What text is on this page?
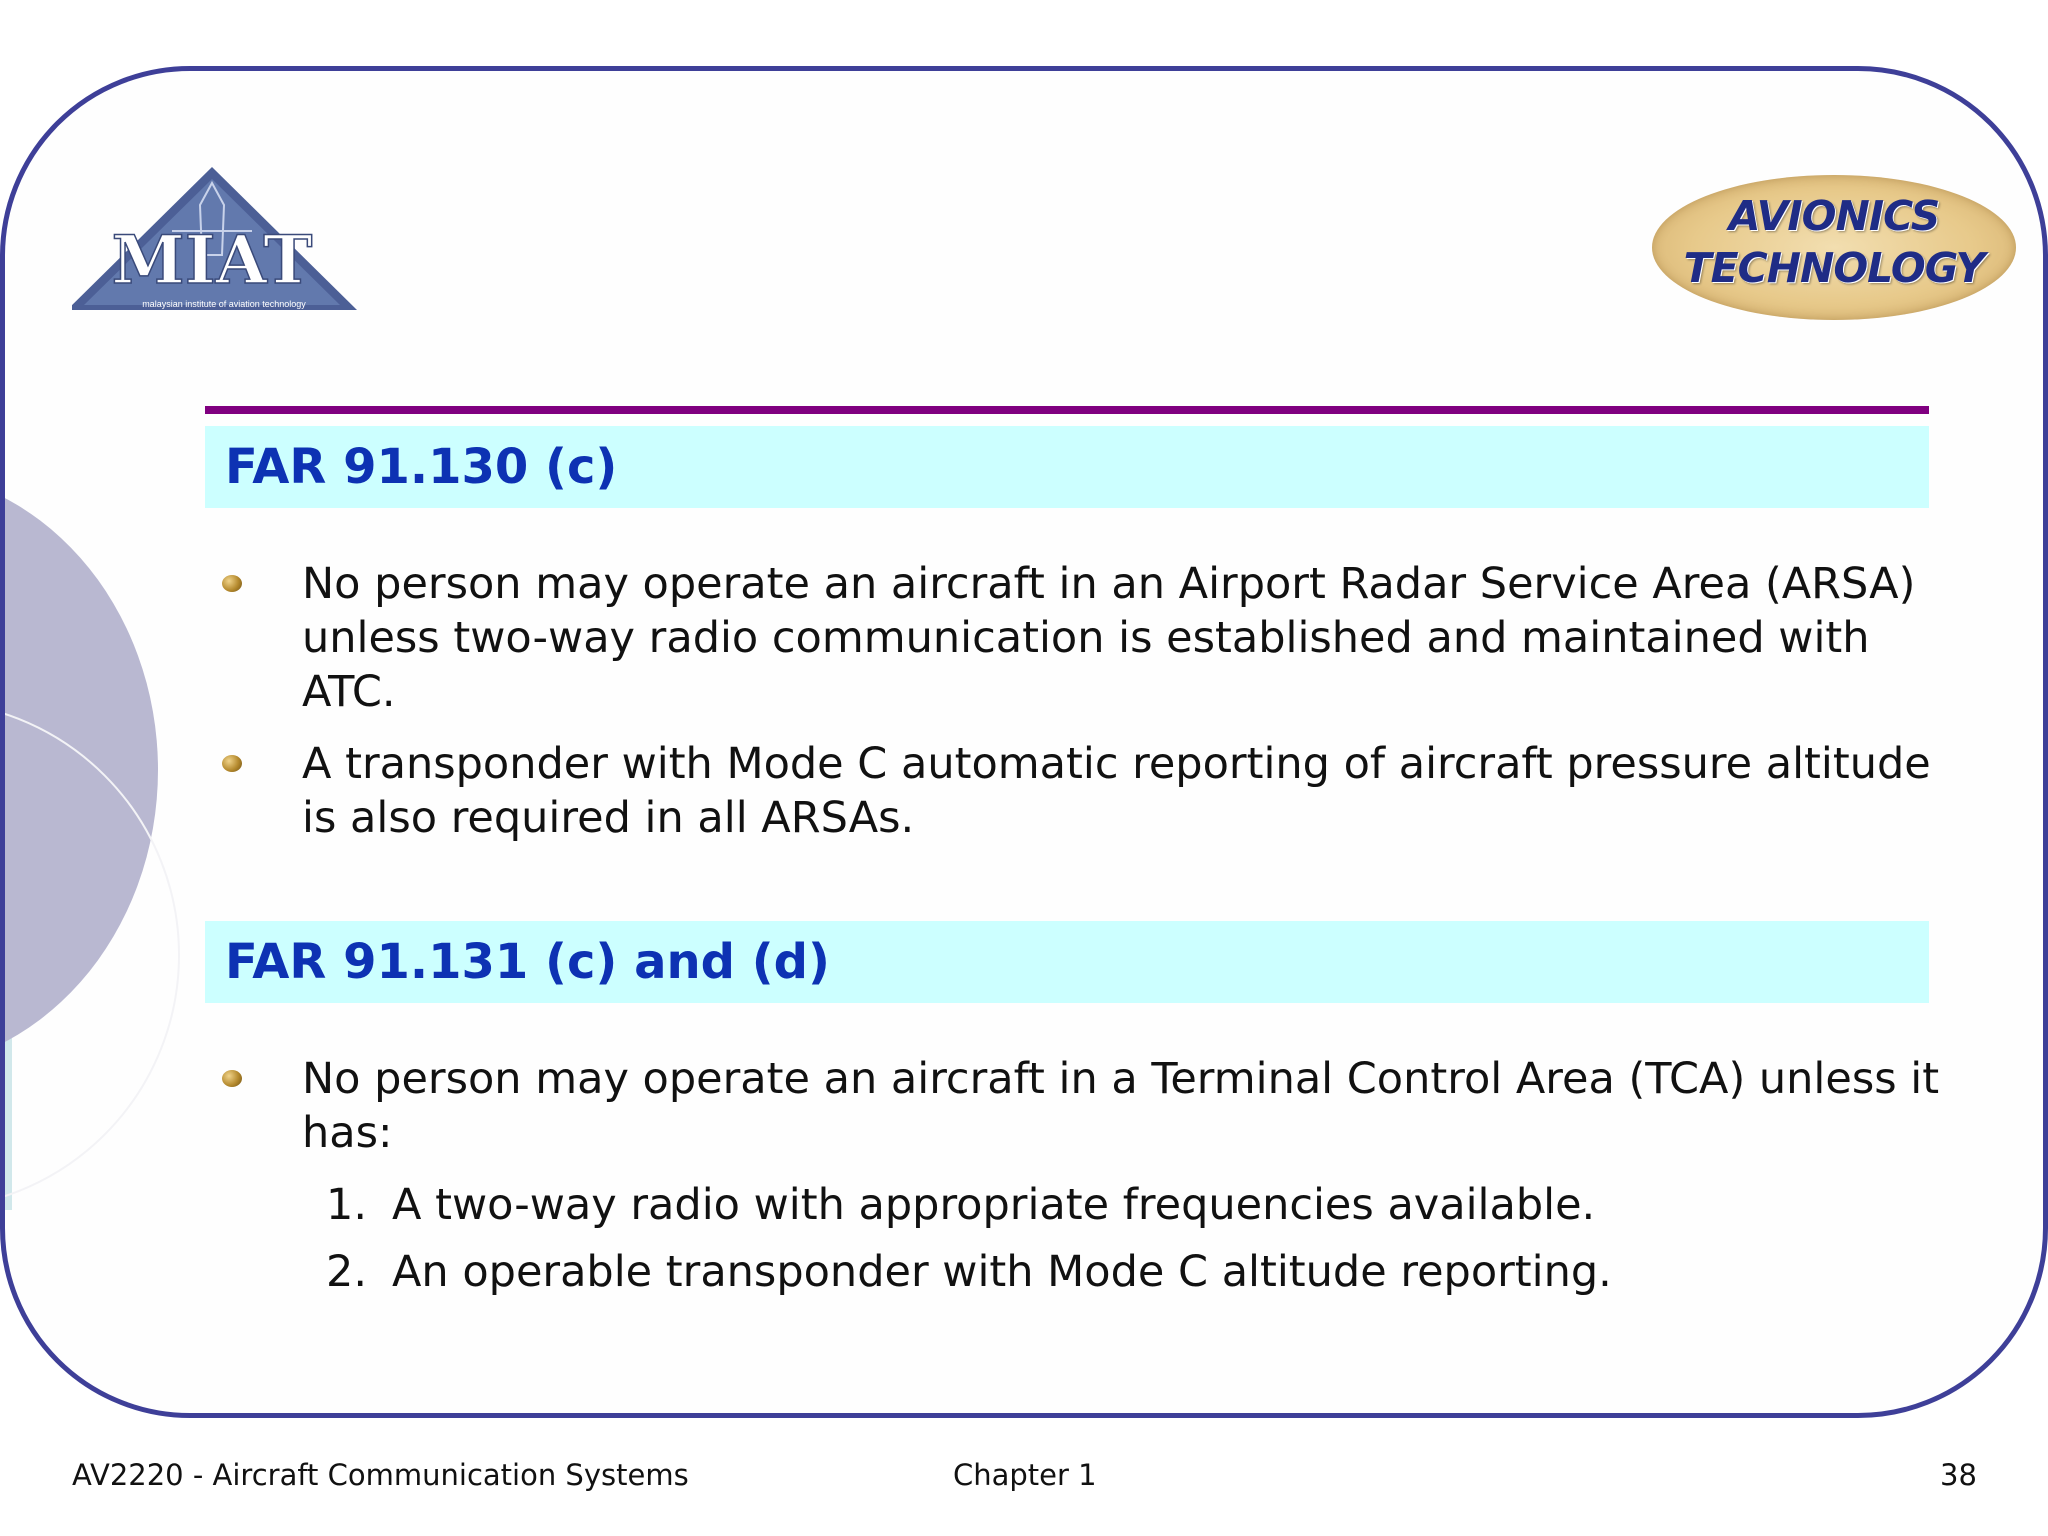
MIAT
malaysian institute of aviation technology
AVIONICS
TECHNOLOGY
FAR 91.130 (c)
No person may operate an aircraft in an Airport Radar Service Area (ARSA) unless two-way radio communication is established and maintained with ATC.
A transponder with Mode C automatic reporting of aircraft pressure altitude is also required in all ARSAs.
FAR 91.131 (c) and (d)
No person may operate an aircraft in a Terminal Control Area (TCA) unless it has:
1. A two-way radio with appropriate frequencies available.
2. An operable transponder with Mode C altitude reporting.
AV2220 - Aircraft Communication Systems	Chapter 1	38
